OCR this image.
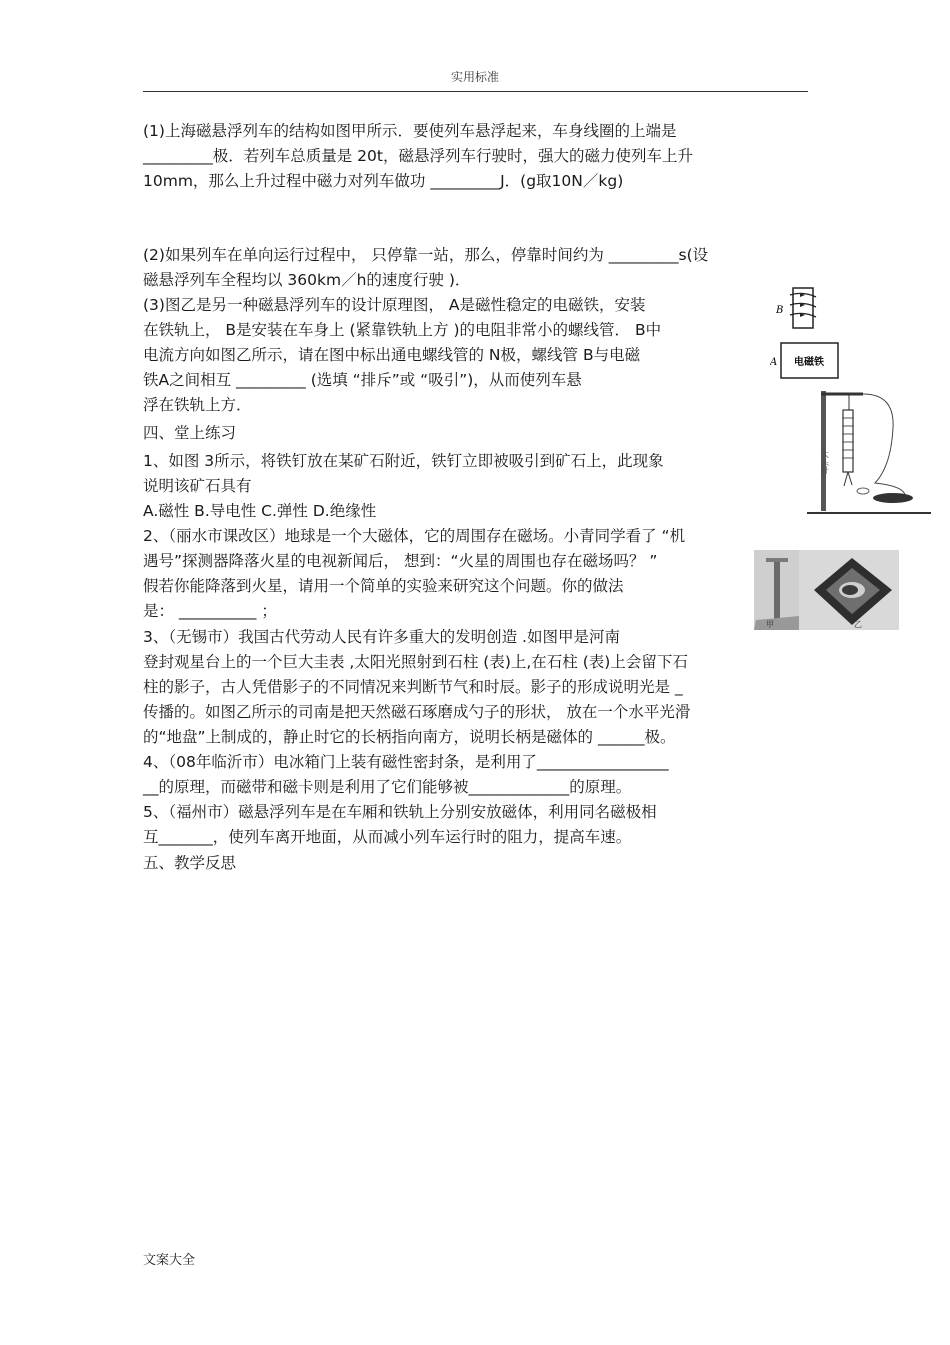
实用标准
(1)上海磁悬浮列车的结构如图甲所示．要使列车悬浮起来，车身线圈的上端是
_________极．若列车总质量是 20t，磁悬浮列车行驶时，强大的磁力使列车上升
10mm，那么上升过程中磁力对列车做功 _________J．(g取10N／kg)
(2)如果列车在单向运行过程中， 只停靠一站，那么，停靠时间约为 _________s(设
磁悬浮列车全程均以 360km／h的速度行驶 )．
(3)图乙是另一种磁悬浮列车的设计原理图， A是磁性稳定的电磁铁，安装
在铁轨上， B是安装在车身上 (紧靠铁轨上方 )的电阻非常小的螺线管． B中
电流方向如图乙所示，请在图中标出通电螺线管的 N极，螺线管 B与电磁
铁A之间相互 _________ (选填 “排斥”或 “吸引”)，从而使列车悬
浮在铁轨上方．
四、堂上练习
1、如图 3所示，将铁钉放在某矿石附近，铁钉立即被吸引到矿石上，此现象
说明该矿石具有
A.磁性 B.导电性 C.弹性 D.绝缘性
2、（丽水市课改区）地球是一个大磁体，它的周围存在磁场。小青同学看了 “机
遇号”探测器降落火星的电视新闻后， 想到：“火星的周围也存在磁场吗？ ”
假若你能降落到火星，请用一个简单的实验来研究这个问题。你的做法
是： __________ ；
3、（无锡市）我国古代劳动人民有许多重大的发明创造 .如图甲是河南
登封观星台上的一个巨大圭表 ,太阳光照射到石柱 (表)上,在石柱 (表)上会留下石
柱的影子，古人凭借影子的不同情况来判断节气和时辰。影子的形成说明光是 _
传播的。如图乙所示的司南是把天然磁石琢磨成勺子的形状， 放在一个水平光滑
的“地盘”上制成的，静止时它的长柄指向南方，说明长柄是磁体的 ______极。
4、（08年临沂市）电冰箱门上装有磁性密封条，是利用了_________________
__的原理，而磁带和磁卡则是利用了它们能够被_____________的原理。
5、（福州市）磁悬浮列车是在车厢和铁轨上分别安放磁体，利用同名磁极相
互_______，使列车离开地面，从而减小列车运行时的阻力，提高车速。
五、教学反思
B
A 电磁铁
大头针
甲	乙
文案大全
